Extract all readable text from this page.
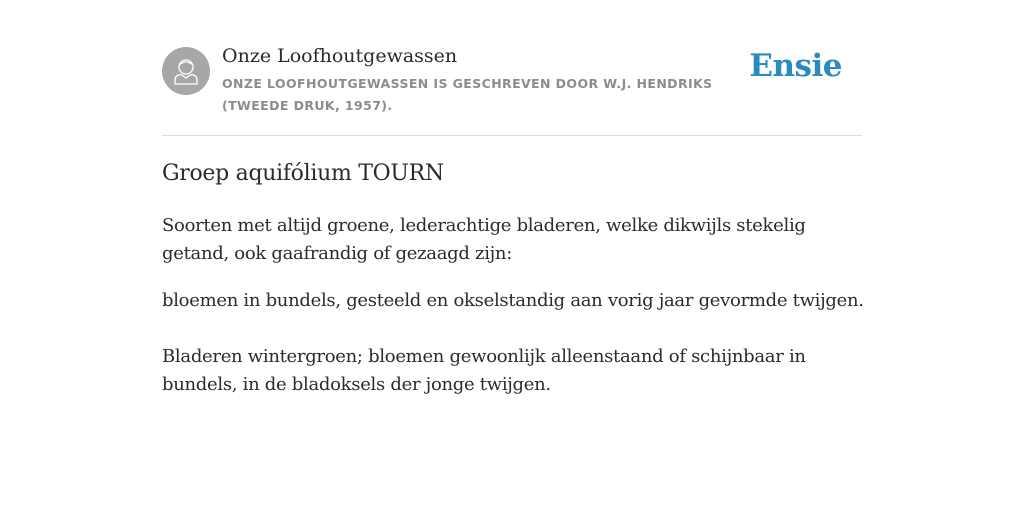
Onze Loofhoutgewassen
ONZE LOOFHOUTGEWASSEN IS GESCHREVEN DOOR W.J. HENDRIKS (TWEEDE DRUK, 1957).
Ensie
Groep aquifólium TOURN

Soorten met altijd groene, lederachtige bladeren, welke dikwijls stekelig getand, ook gaafrandig of gezaagd zijn:

bloemen in bundels, gesteeld en okselstandig aan vorig jaar gevormde twijgen.

Bladeren wintergroen; bloemen gewoonlijk alleenstaand of schijnbaar in bundels, in de bladoksels der jonge twijgen.
